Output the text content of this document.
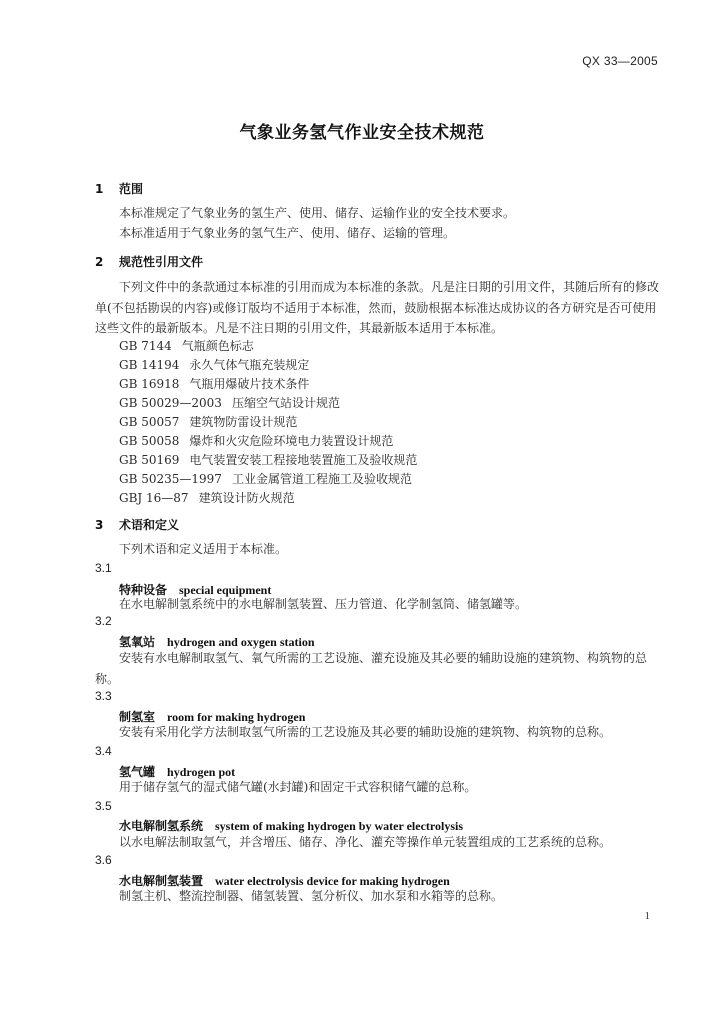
QX 33—2005
气象业务氢气作业安全技术规范
1 范围
本标准规定了气象业务的氢生产、使用、储存、运输作业的安全技术要求。
本标准适用于气象业务的氢气生产、使用、储存、运输的管理。
2 规范性引用文件
下列文件中的条款通过本标准的引用而成为本标准的条款。凡是注日期的引用文件，其随后所有的修改单(不包括勘误的内容)或修订版均不适用于本标准，然而，鼓励根据本标准达成协议的各方研究是否可使用这些文件的最新版本。凡是不注日期的引用文件，其最新版本适用于本标准。
GB 7144 气瓶颜色标志
GB 14194 永久气体气瓶充装规定
GB 16918 气瓶用爆破片技术条件
GB 50029—2003 压缩空气站设计规范
GB 50057 建筑物防雷设计规范
GB 50058 爆炸和火灾危险环境电力装置设计规范
GB 50169 电气装置安装工程接地装置施工及验收规范
GB 50235—1997 工业金属管道工程施工及验收规范
GBJ 16—87 建筑设计防火规范
3 术语和定义
下列术语和定义适用于本标准。
3.1
特种设备 special equipment
在水电解制氢系统中的水电解制氢装置、压力管道、化学制氢筒、储氢罐等。
3.2
氢氧站 hydrogen and oxygen station
安装有水电解制取氢气、氧气所需的工艺设施、灌充设施及其必要的辅助设施的建筑物、构筑物的总称。
3.3
制氢室 room for making hydrogen
安装有采用化学方法制取氢气所需的工艺设施及其必要的辅助设施的建筑物、构筑物的总称。
3.4
氢气罐 hydrogen pot
用于储存氢气的湿式储气罐(水封罐)和固定干式容积储气罐的总称。
3.5
水电解制氢系统 system of making hydrogen by water electrolysis
以水电解法制取氢气，并含增压、储存、净化、灌充等操作单元装置组成的工艺系统的总称。
3.6
水电解制氢装置 water electrolysis device for making hydrogen
制氢主机、整流控制器、储氢装置、氢分析仪、加水泵和水箱等的总称。
1
